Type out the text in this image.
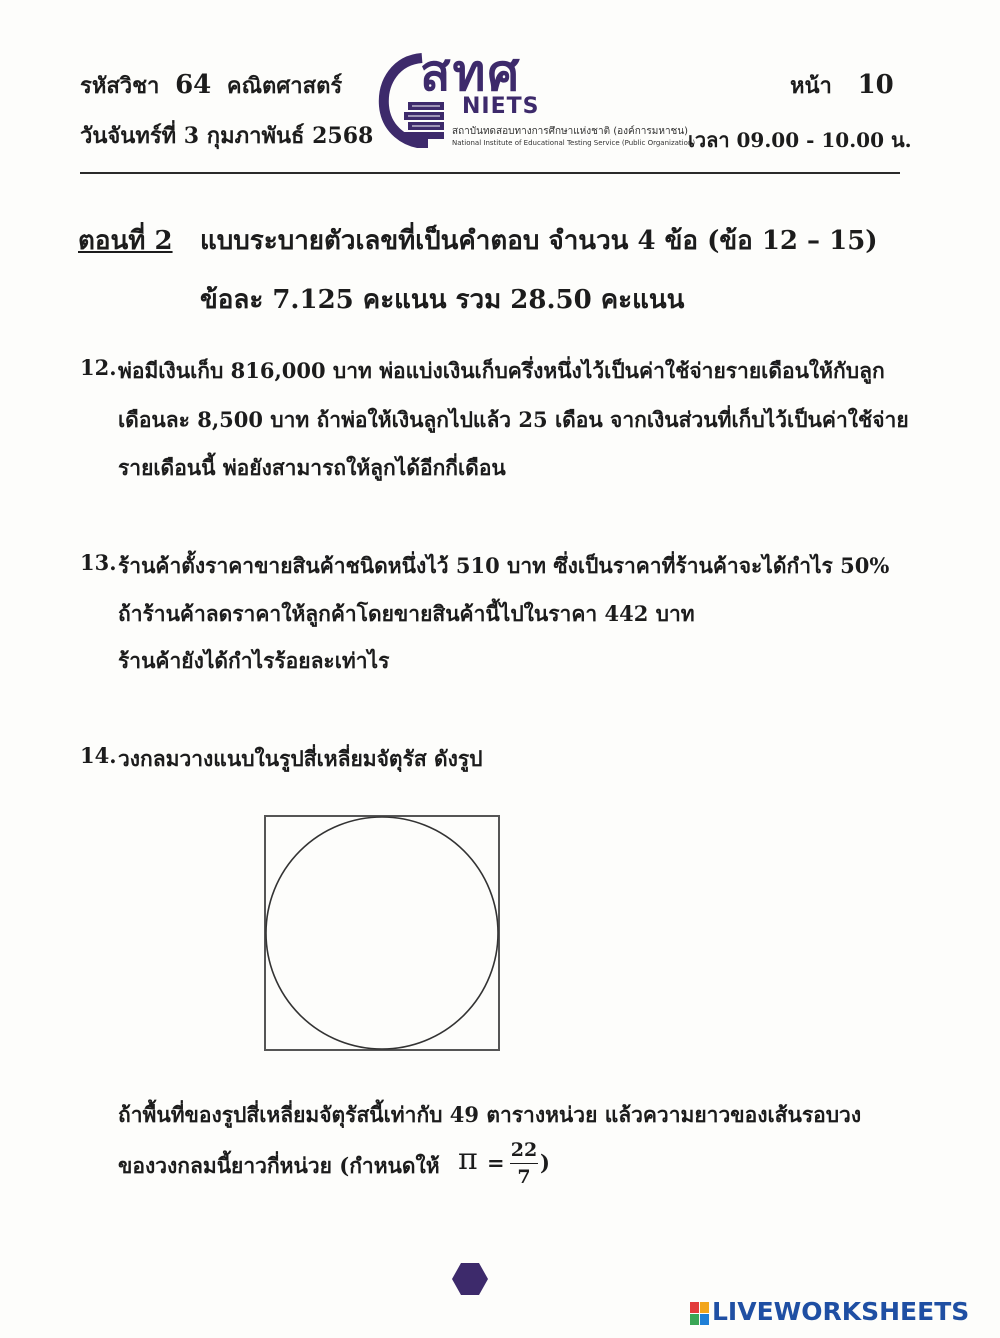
รหัสวิชา 64 คณิตศาสตร์
วันจันทร์ที่ 3 กุมภาพันธ์ 2568
สทศ
NIETS
สถาบันทดสอบทางการศึกษาแห่งชาติ (องค์การมหาชน)
National Institute of Educational Testing Service (Public Organization)
หน้า 10
เวลา 09.00 - 10.00 น.
ตอนที่ 2 แบบระบายตัวเลขที่เป็นคำตอบ จำนวน 4 ข้อ (ข้อ 12 – 15)
ข้อละ 7.125 คะแนน รวม 28.50 คะแนน
12. พ่อมีเงินเก็บ 816,000 บาท พ่อแบ่งเงินเก็บครึ่งหนึ่งไว้เป็นค่าใช้จ่ายรายเดือนให้กับลูก
เดือนละ 8,500 บาท ถ้าพ่อให้เงินลูกไปแล้ว 25 เดือน จากเงินส่วนที่เก็บไว้เป็นค่าใช้จ่าย
รายเดือนนี้ พ่อยังสามารถให้ลูกได้อีกกี่เดือน
13. ร้านค้าตั้งราคาขายสินค้าชนิดหนึ่งไว้ 510 บาท ซึ่งเป็นราคาที่ร้านค้าจะได้กำไร 50%
ถ้าร้านค้าลดราคาให้ลูกค้าโดยขายสินค้านี้ไปในราคา 442 บาท
ร้านค้ายังได้กำไรร้อยละเท่าไร
14. วงกลมวางแนบในรูปสี่เหลี่ยมจัตุรัส ดังรูป
ถ้าพื้นที่ของรูปสี่เหลี่ยมจัตุรัสนี้เท่ากับ 49 ตารางหน่วย แล้วความยาวของเส้นรอบวง
ของวงกลมนี้ยาวกี่หน่วย (กำหนดให้ π = 22
7
)
LIVEWORKSHEETS
